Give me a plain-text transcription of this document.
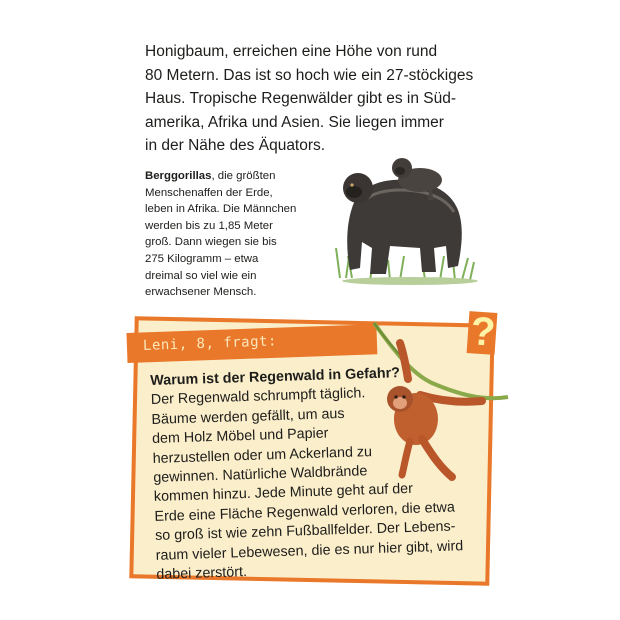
Honigbaum, erreichen eine Höhe von rund
80 Metern. Das ist so hoch wie ein 27-stöckiges
Haus. Tropische Regenwälder gibt es in Süd-
amerika, Afrika und Asien. Sie liegen immer
in der Nähe des Äquators.

Berggorillas, die größten
Menschenaffen der Erde,
leben in Afrika. Die Männchen
werden bis zu 1,85 Meter
groß. Dann wiegen sie bis
275 Kilogramm – etwa
dreimal so viel wie ein
erwachsener Mensch.

Leni, 8, fragt:	?
Warum ist der Regenwald in Gefahr?
Der Regenwald schrumpft täglich.
Bäume werden gefällt, um aus
dem Holz Möbel und Papier
herzustellen oder um Ackerland zu
gewinnen. Natürliche Waldbrände
kommen hinzu. Jede Minute geht auf der
Erde eine Fläche Regenwald verloren, die etwa
so groß ist wie zehn Fußballfelder. Der Lebens-
raum vieler Lebewesen, die es nur hier gibt, wird
dabei zerstört.
